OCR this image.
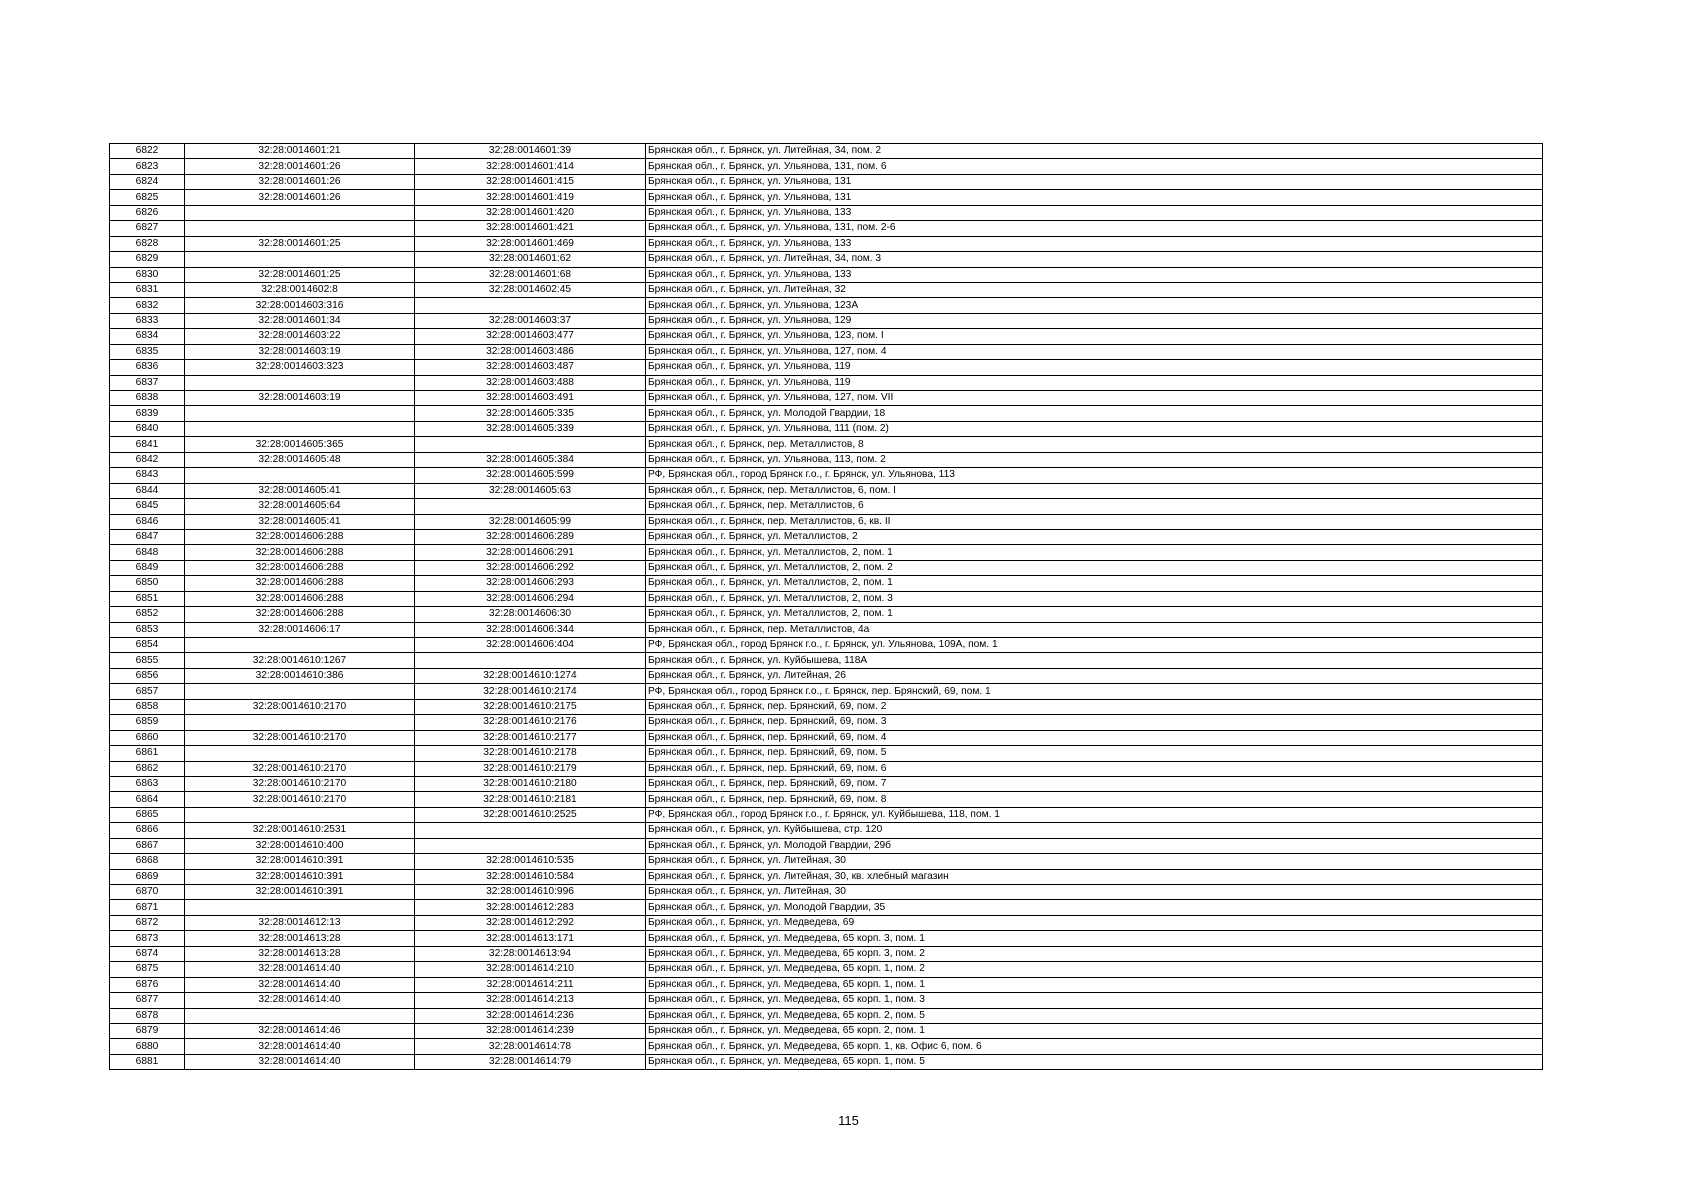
6822	32:28:0014601:21	32:28:0014601:39	Брянская обл., г. Брянск, ул. Литейная, 34, пом. 2
6823	32:28:0014601:26	32:28:0014601:414	Брянская обл., г. Брянск, ул. Ульянова, 131, пом. 6
6824	32:28:0014601:26	32:28:0014601:415	Брянская обл., г. Брянск, ул. Ульянова, 131
6825	32:28:0014601:26	32:28:0014601:419	Брянская обл., г. Брянск, ул. Ульянова, 131
6826		32:28:0014601:420	Брянская обл., г. Брянск, ул. Ульянова, 133
6827		32:28:0014601:421	Брянская обл., г. Брянск, ул. Ульянова, 131, пом. 2-6
6828	32:28:0014601:25	32:28:0014601:469	Брянская обл., г. Брянск, ул. Ульянова, 133
6829		32:28:0014601:62	Брянская обл., г. Брянск, ул. Литейная, 34, пом. 3
6830	32:28:0014601:25	32:28:0014601:68	Брянская обл., г. Брянск, ул. Ульянова, 133
6831	32:28:0014602:8	32:28:0014602:45	Брянская обл., г. Брянск, ул. Литейная, 32
6832	32:28:0014603:316		Брянская обл., г. Брянск, ул. Ульянова, 123А
6833	32:28:0014601:34	32:28:0014603:37	Брянская обл., г. Брянск, ул. Ульянова, 129
6834	32:28:0014603:22	32:28:0014603:477	Брянская обл., г. Брянск, ул. Ульянова, 123, пом. I
6835	32:28:0014603:19	32:28:0014603:486	Брянская обл., г. Брянск, ул. Ульянова, 127, пом. 4
6836	32:28:0014603:323	32:28:0014603:487	Брянская обл., г. Брянск, ул. Ульянова, 119
6837		32:28:0014603:488	Брянская обл., г. Брянск, ул. Ульянова, 119
6838	32:28:0014603:19	32:28:0014603:491	Брянская обл., г. Брянск, ул. Ульянова, 127, пом. VII
6839		32:28:0014605:335	Брянская обл., г. Брянск, ул. Молодой Гвардии, 18
6840		32:28:0014605:339	Брянская обл., г. Брянск, ул. Ульянова, 111 (пом. 2)
6841	32:28:0014605:365		Брянская обл., г. Брянск, пер. Металлистов, 8
6842	32:28:0014605:48	32:28:0014605:384	Брянская обл., г. Брянск, ул. Ульянова, 113, пом. 2
6843		32:28:0014605:599	РФ, Брянская обл., город Брянск г.о., г. Брянск, ул. Ульянова, 113
6844	32:28:0014605:41	32:28:0014605:63	Брянская обл., г. Брянск, пер. Металлистов, 6, пом. I
6845	32:28:0014605:64		Брянская обл., г. Брянск, пер. Металлистов, 6
6846	32:28:0014605:41	32:28:0014605:99	Брянская обл., г. Брянск, пер. Металлистов, 6, кв. II
6847	32:28:0014606:288	32:28:0014606:289	Брянская обл., г. Брянск, ул. Металлистов, 2
6848	32:28:0014606:288	32:28:0014606:291	Брянская обл., г. Брянск, ул. Металлистов, 2, пом. 1
6849	32:28:0014606:288	32:28:0014606:292	Брянская обл., г. Брянск, ул. Металлистов, 2, пом. 2
6850	32:28:0014606:288	32:28:0014606:293	Брянская обл., г. Брянск, ул. Металлистов, 2, пом. 1
6851	32:28:0014606:288	32:28:0014606:294	Брянская обл., г. Брянск, ул. Металлистов, 2, пом. 3
6852	32:28:0014606:288	32:28:0014606:30	Брянская обл., г. Брянск, ул. Металлистов, 2, пом. 1
6853	32:28:0014606:17	32:28:0014606:344	Брянская обл., г. Брянск, пер. Металлистов, 4а
6854		32:28:0014606:404	РФ, Брянская обл., город Брянск г.о., г. Брянск, ул. Ульянова, 109А, пом. 1
6855	32:28:0014610:1267		Брянская обл., г. Брянск, ул. Куйбышева, 118А
6856	32:28:0014610:386	32:28:0014610:1274	Брянская обл., г. Брянск, ул. Литейная, 26
6857		32:28:0014610:2174	РФ, Брянская обл., город Брянск г.о., г. Брянск, пер. Брянский, 69, пом. 1
6858	32:28:0014610:2170	32:28:0014610:2175	Брянская обл., г. Брянск, пер. Брянский, 69, пом. 2
6859		32:28:0014610:2176	Брянская обл., г. Брянск, пер. Брянский, 69, пом. 3
6860	32:28:0014610:2170	32:28:0014610:2177	Брянская обл., г. Брянск, пер. Брянский, 69, пом. 4
6861		32:28:0014610:2178	Брянская обл., г. Брянск, пер. Брянский, 69, пом. 5
6862	32:28:0014610:2170	32:28:0014610:2179	Брянская обл., г. Брянск, пер. Брянский, 69, пом. 6
6863	32:28:0014610:2170	32:28:0014610:2180	Брянская обл., г. Брянск, пер. Брянский, 69, пом. 7
6864	32:28:0014610:2170	32:28:0014610:2181	Брянская обл., г. Брянск, пер. Брянский, 69, пом. 8
6865		32:28:0014610:2525	РФ, Брянская обл., город Брянск г.о., г. Брянск, ул. Куйбышева, 118, пом. 1
6866	32:28:0014610:2531		Брянская обл., г. Брянск, ул. Куйбышева, стр. 120
6867	32:28:0014610:400		Брянская обл., г. Брянск, ул. Молодой Гвардии, 29б
6868	32:28:0014610:391	32:28:0014610:535	Брянская обл., г. Брянск, ул. Литейная, 30
6869	32:28:0014610:391	32:28:0014610:584	Брянская обл., г. Брянск, ул. Литейная, 30, кв. хлебный магазин
6870	32:28:0014610:391	32:28:0014610:996	Брянская обл., г. Брянск, ул. Литейная, 30
6871		32:28:0014612:283	Брянская обл., г. Брянск, ул. Молодой Гвардии, 35
6872	32:28:0014612:13	32:28:0014612:292	Брянская обл., г. Брянск, ул. Медведева, 69
6873	32:28:0014613:28	32:28:0014613:171	Брянская обл., г. Брянск, ул. Медведева, 65 корп. 3, пом. 1
6874	32:28:0014613:28	32:28:0014613:94	Брянская обл., г. Брянск, ул. Медведева, 65 корп. 3, пом. 2
6875	32:28:0014614:40	32:28:0014614:210	Брянская обл., г. Брянск, ул. Медведева, 65 корп. 1, пом. 2
6876	32:28:0014614:40	32:28:0014614:211	Брянская обл., г. Брянск, ул. Медведева, 65 корп. 1, пом. 1
6877	32:28:0014614:40	32:28:0014614:213	Брянская обл., г. Брянск, ул. Медведева, 65 корп. 1, пом. 3
6878		32:28:0014614:236	Брянская обл., г. Брянск, ул. Медведева, 65 корп. 2, пом. 5
6879	32:28:0014614:46	32:28:0014614:239	Брянская обл., г. Брянск, ул. Медведева, 65 корп. 2, пом. 1
6880	32:28:0014614:40	32:28:0014614:78	Брянская обл., г. Брянск, ул. Медведева, 65 корп. 1, кв. Офис 6, пом. 6
6881	32:28:0014614:40	32:28:0014614:79	Брянская обл., г. Брянск, ул. Медведева, 65 корп. 1, пом. 5
115
